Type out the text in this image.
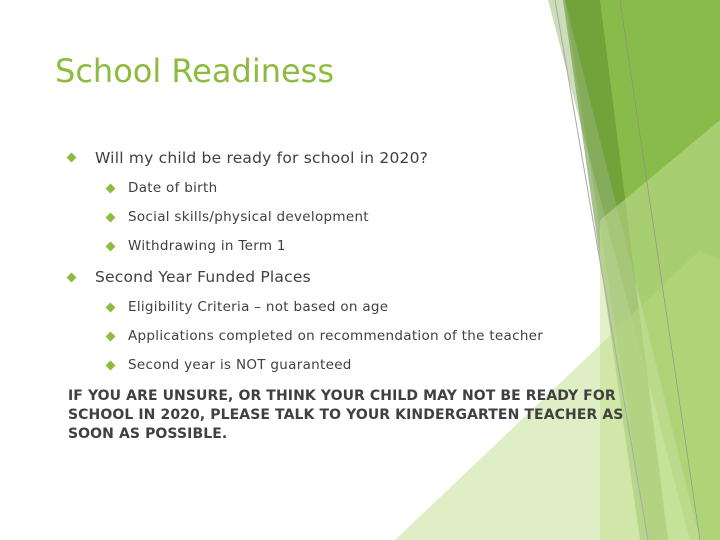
School Readiness
Will my child be ready for school in 2020?
Date of birth
Social skills/physical development
Withdrawing in Term 1
Second Year Funded Places
Eligibility Criteria – not based on age
Applications completed on recommendation of the teacher
Second year is NOT guaranteed
IF YOU ARE UNSURE, OR THINK YOUR CHILD MAY NOT BE READY FOR SCHOOL IN 2020, PLEASE TALK TO YOUR KINDERGARTEN TEACHER AS SOON AS POSSIBLE.
